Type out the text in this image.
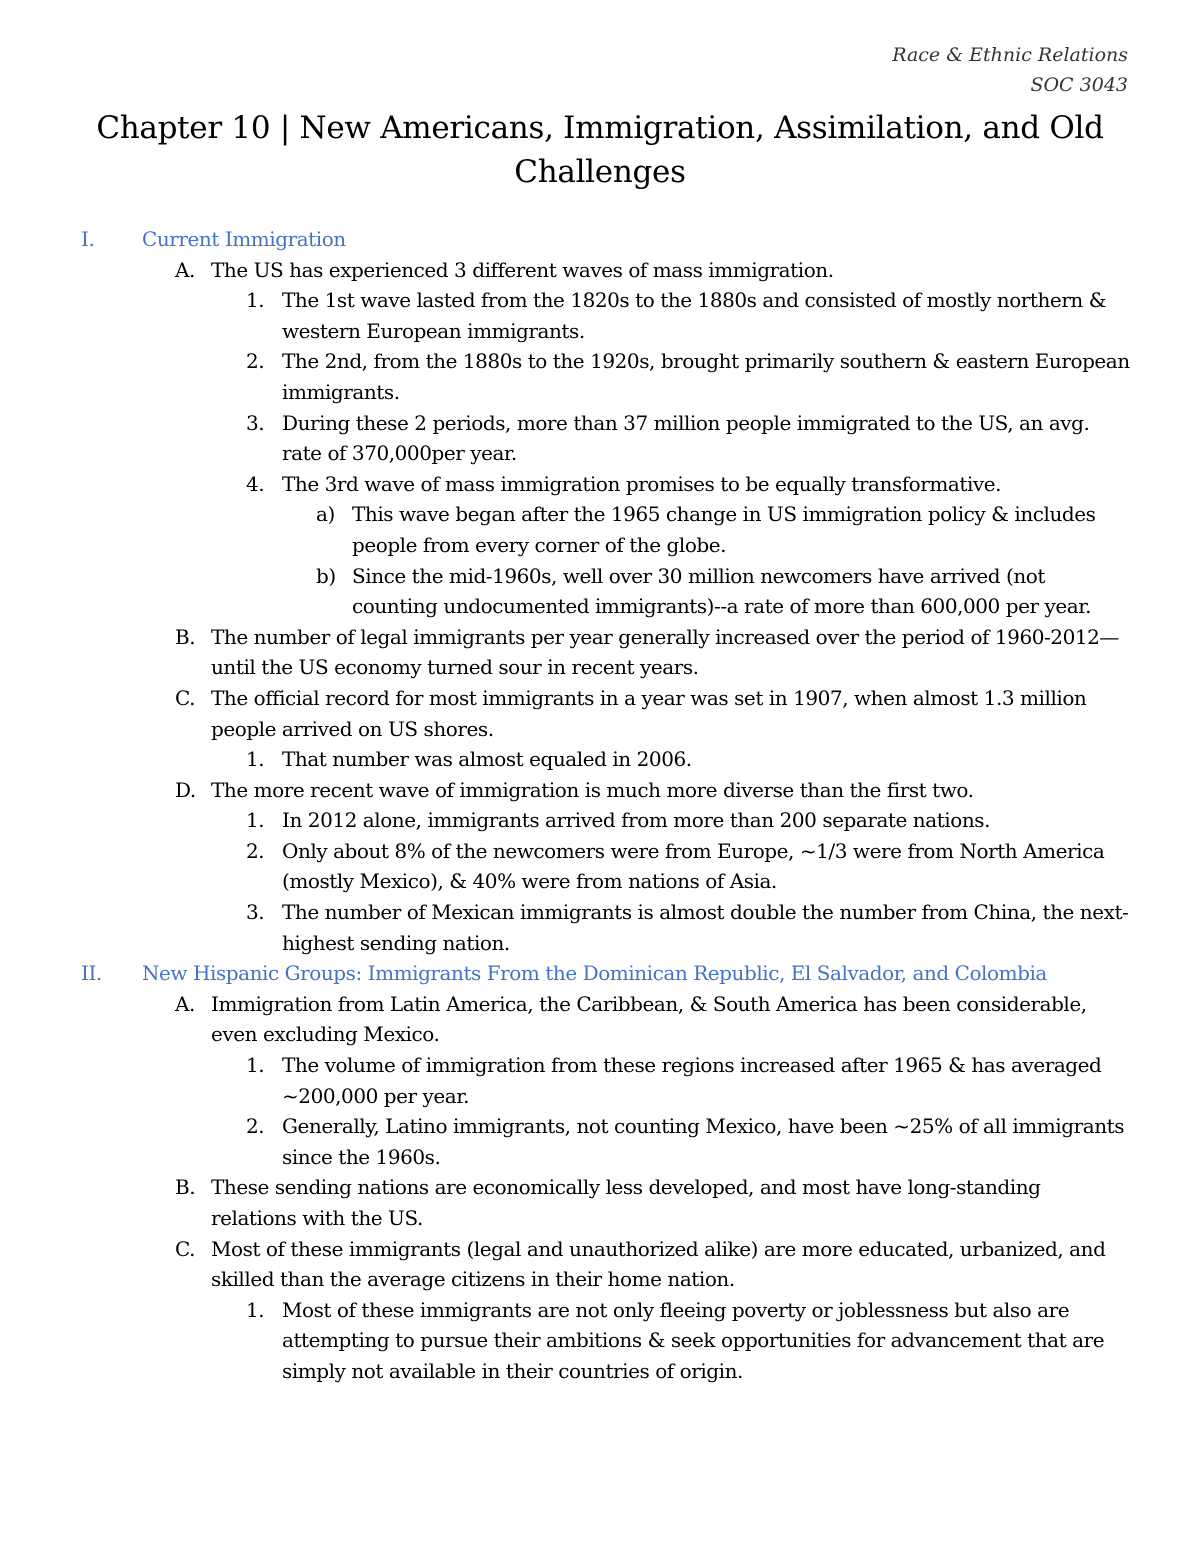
Race & Ethnic Relations
SOC 3043
Chapter 10 | New Americans, Immigration, Assimilation, and Old Challenges
I. Current Immigration
A. The US has experienced 3 different waves of mass immigration.
1. The 1st wave lasted from the 1820s to the 1880s and consisted of mostly northern & western European immigrants.
2. The 2nd, from the 1880s to the 1920s, brought primarily southern & eastern European immigrants.
3. During these 2 periods, more than 37 million people immigrated to the US, an avg. rate of 370,000per year.
4. The 3rd wave of mass immigration promises to be equally transformative.
a) This wave began after the 1965 change in US immigration policy & includes people from every corner of the globe.
b) Since the mid-1960s, well over 30 million newcomers have arrived (not counting undocumented immigrants)--a rate of more than 600,000 per year.
B. The number of legal immigrants per year generally increased over the period of 1960-2012—until the US economy turned sour in recent years.
C. The official record for most immigrants in a year was set in 1907, when almost 1.3 million people arrived on US shores.
1. That number was almost equaled in 2006.
D. The more recent wave of immigration is much more diverse than the first two.
1. In 2012 alone, immigrants arrived from more than 200 separate nations.
2. Only about 8% of the newcomers were from Europe, ~1/3 were from North America (mostly Mexico), & 40% were from nations of Asia.
3. The number of Mexican immigrants is almost double the number from China, the next-highest sending nation.
II. New Hispanic Groups: Immigrants From the Dominican Republic, El Salvador, and Colombia
A. Immigration from Latin America, the Caribbean, & South America has been considerable, even excluding Mexico.
1. The volume of immigration from these regions increased after 1965 & has averaged ~200,000 per year.
2. Generally, Latino immigrants, not counting Mexico, have been ~25% of all immigrants since the 1960s.
B. These sending nations are economically less developed, and most have long-standing relations with the US.
C. Most of these immigrants (legal and unauthorized alike) are more educated, urbanized, and skilled than the average citizens in their home nation.
1. Most of these immigrants are not only fleeing poverty or joblessness but also are attempting to pursue their ambitions & seek opportunities for advancement that are simply not available in their countries of origin.
